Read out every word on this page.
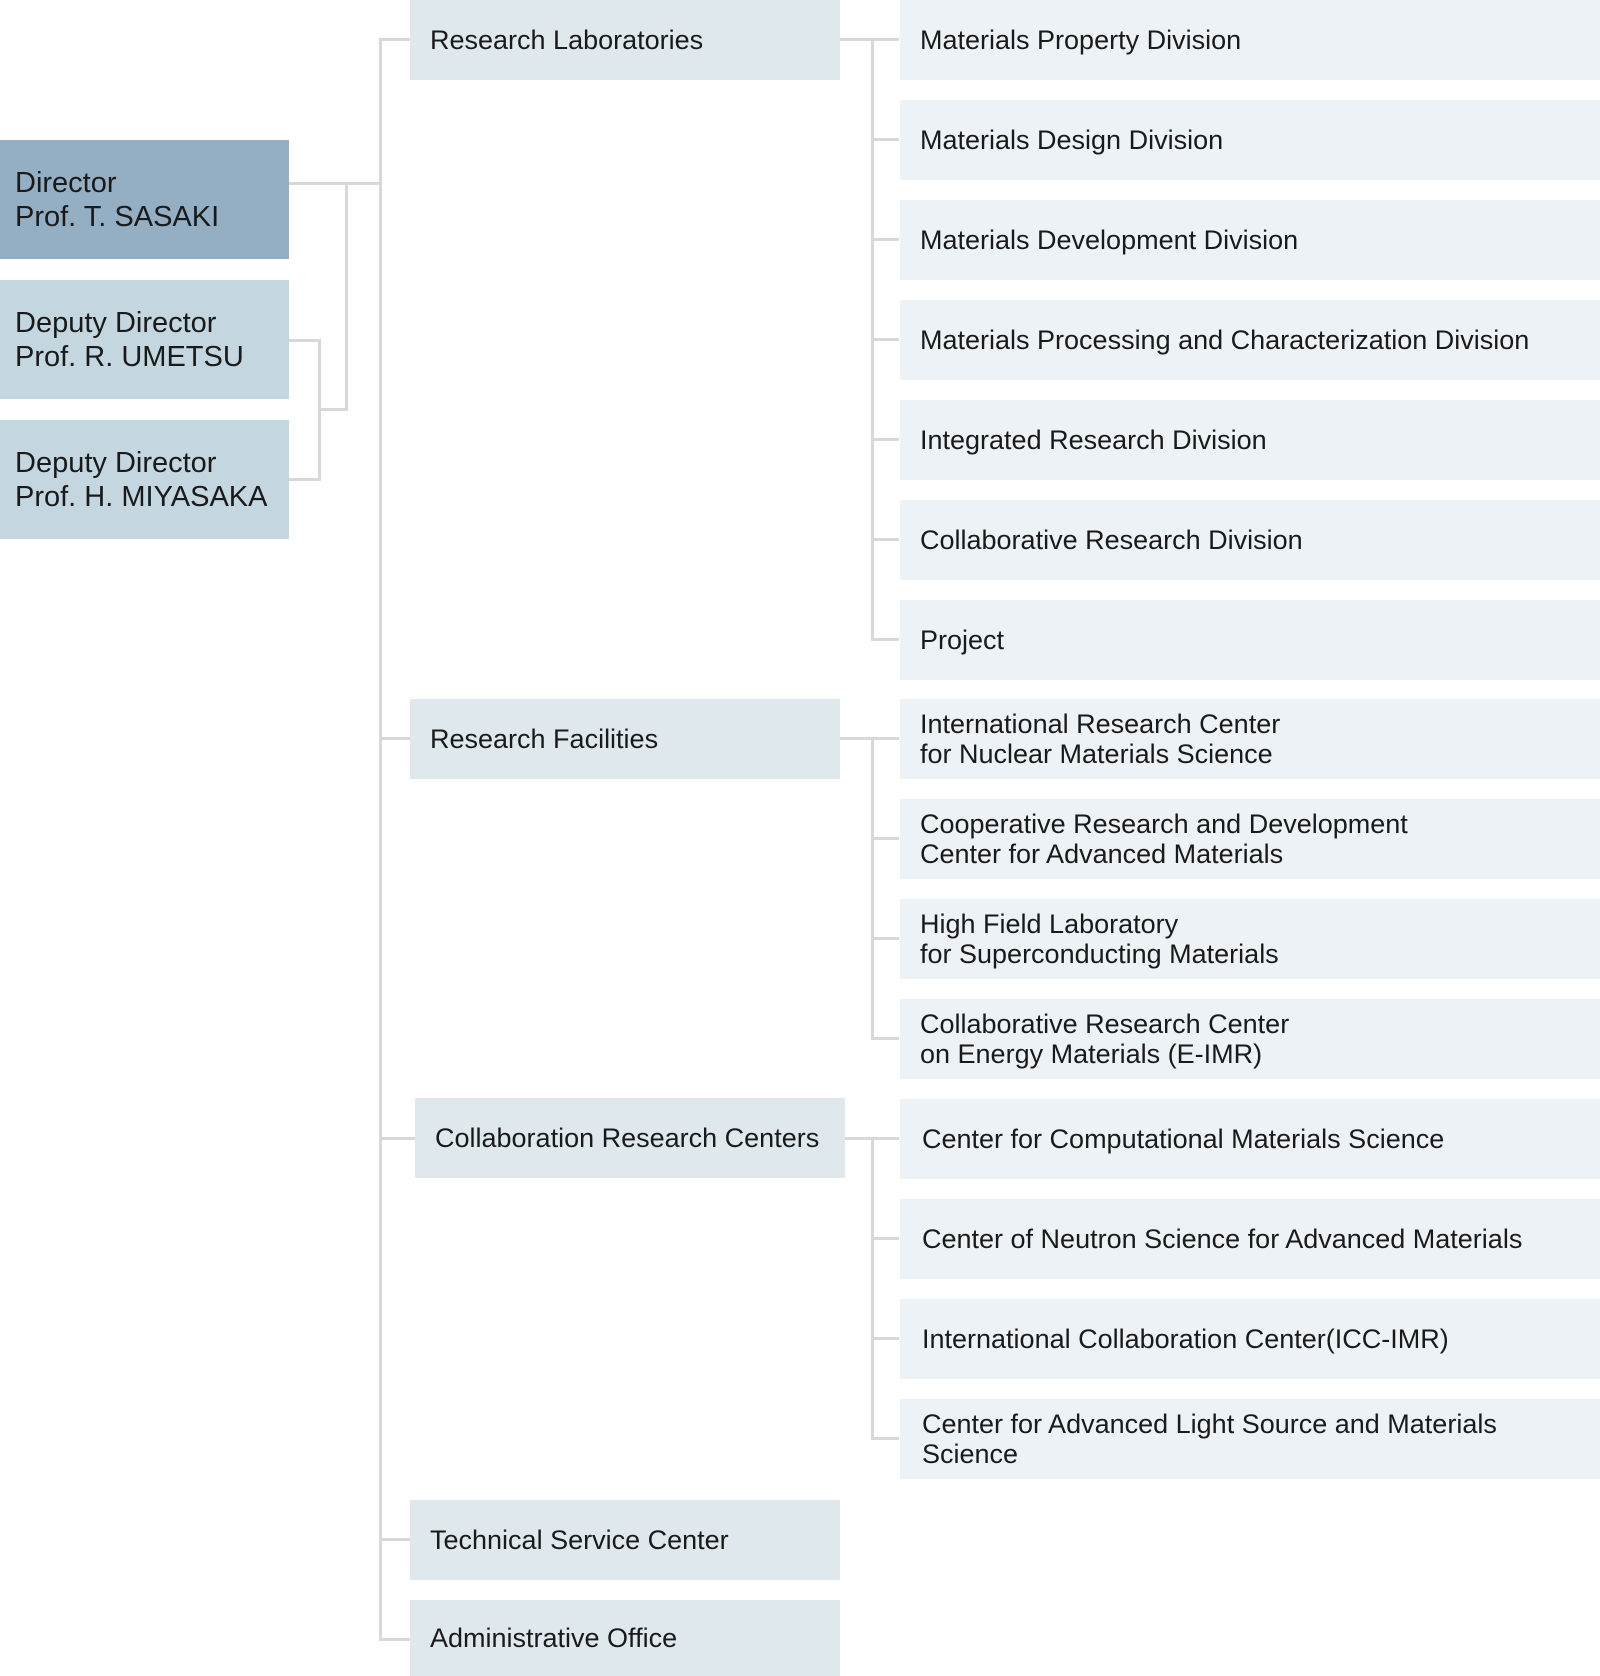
Director
Prof. T. SASAKI
Deputy Director
Prof. R. UMETSU
Deputy Director
Prof. H. MIYASAKA
Research Laboratories
Research Facilities
Collaboration Research Centers
Technical Service Center
Administrative Office
Materials Property Division
Materials Design Division
Materials Development Division
Materials Processing and Characterization Division
Integrated Research Division
Collaborative Research Division
Project
International Research Center
for Nuclear Materials Science
Cooperative Research and Development
Center for Advanced Materials
High Field Laboratory
for Superconducting Materials
Collaborative Research Center
on Energy Materials (E-IMR)
Center for Computational Materials Science
Center of Neutron Science for Advanced Materials
International Collaboration Center(ICC-IMR)
Center for Advanced Light Source and Materials Science
